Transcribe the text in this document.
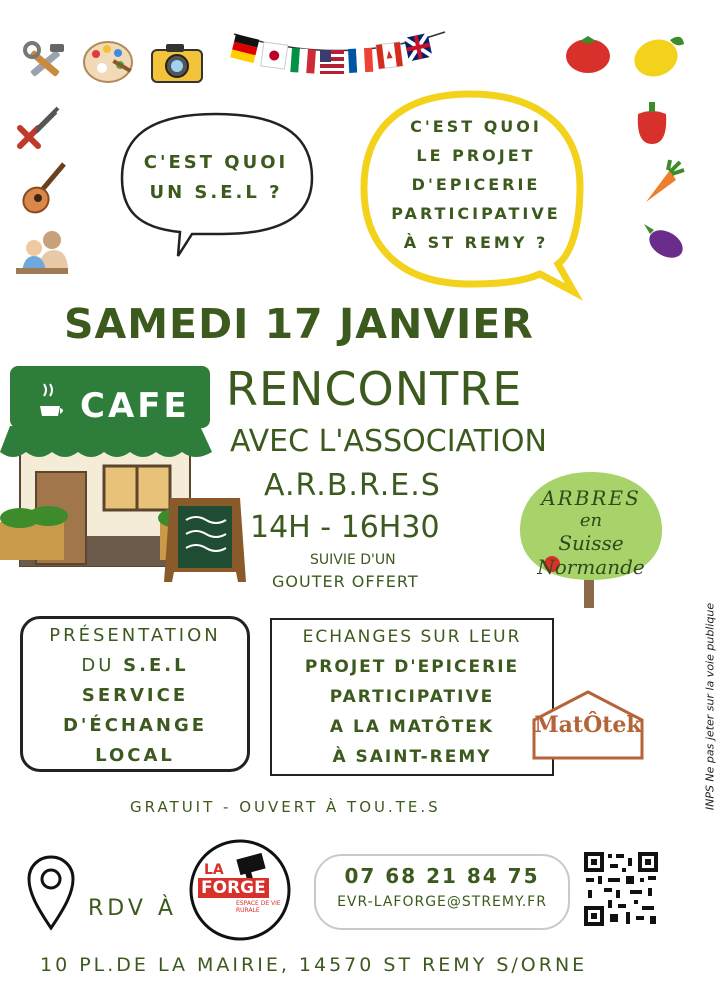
C'EST QUOI
UN S.E.L ?
C'EST QUOI
LE PROJET
D'EPICERIE
PARTICIPATIVE
À ST REMY ?
SAMEDI 17 JANVIER
CAFE RENCONTRE
AVEC L'ASSOCIATION
A.R.B.R.E.S
14H - 16H30
SUIVIE D'UN
GOUTER OFFERT
ARBRES
en
Suisse
Normande
PRÉSENTATION
DU S.E.L
SERVICE
D'ÉCHANGE
LOCAL
ECHANGES SUR LEUR
PROJET D'EPICERIE
PARTICIPATIVE
A LA MATÔTEK
À SAINT-REMY
MatÔtek	INPS Ne pas jeter sur la voie publique
GRATUIT - OUVERT À TOU.TE.S
RDV À
LA
FORGE
ESPACE DE VIE RURALE
07 68 21 84 75
EVR-LAFORGE@STREMY.FR
10 PL.DE LA MAIRIE, 14570 ST REMY S/ORNE
